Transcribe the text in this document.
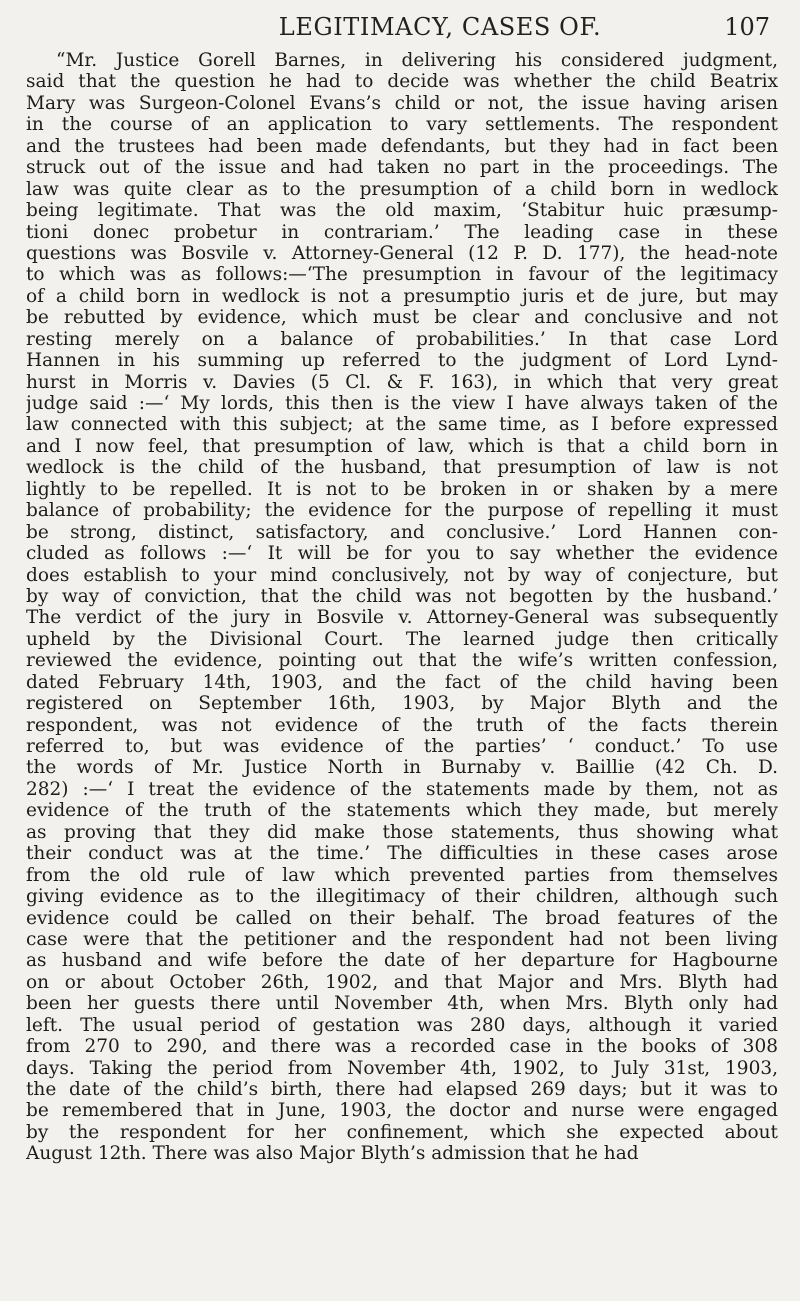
LEGITIMACY, CASES OF.	107
“Mr. Justice Gorell Barnes, in delivering his considered judgment,
said that the question he had to decide was whether the child Beatrix
Mary was Surgeon-Colonel Evans’s child or not, the issue having arisen
in the course of an application to vary settlements. The respondent
and the trustees had been made defendants, but they had in fact been
struck out of the issue and had taken no part in the proceedings. The
law was quite clear as to the presumption of a child born in wedlock
being legitimate. That was the old maxim, ‘Stabitur huic præsump-
tioni donec probetur in contrariam.’ The leading case in these
questions was Bosvile v. Attorney-General (12 P. D. 177), the head-note
to which was as follows:—‘The presumption in favour of the legitimacy
of a child born in wedlock is not a presumptio juris et de jure, but may
be rebutted by evidence, which must be clear and conclusive and not
resting merely on a balance of probabilities.’ In that case Lord
Hannen in his summing up referred to the judgment of Lord Lynd-
hurst in Morris v. Davies (5 Cl. & F. 163), in which that very great
judge said :—‘ My lords, this then is the view I have always taken of the
law connected with this subject; at the same time, as I before expressed
and I now feel, that presumption of law, which is that a child born in
wedlock is the child of the husband, that presumption of law is not
lightly to be repelled. It is not to be broken in or shaken by a mere
balance of probability; the evidence for the purpose of repelling it must
be strong, distinct, satisfactory, and conclusive.’ Lord Hannen con-
cluded as follows :—‘ It will be for you to say whether the evidence
does establish to your mind conclusively, not by way of conjecture, but
by way of conviction, that the child was not begotten by the husband.’
The verdict of the jury in Bosvile v. Attorney-General was subsequently
upheld by the Divisional Court. The learned judge then critically
reviewed the evidence, pointing out that the wife’s written confession,
dated February 14th, 1903, and the fact of the child having been
registered on September 16th, 1903, by Major Blyth and the
respondent, was not evidence of the truth of the facts therein
referred to, but was evidence of the parties’ ‘ conduct.’ To use
the words of Mr. Justice North in Burnaby v. Baillie (42 Ch. D.
282) :—‘ I treat the evidence of the statements made by them, not as
evidence of the truth of the statements which they made, but merely
as proving that they did make those statements, thus showing what
their conduct was at the time.’ The difficulties in these cases arose
from the old rule of law which prevented parties from themselves
giving evidence as to the illegitimacy of their children, although such
evidence could be called on their behalf. The broad features of the
case were that the petitioner and the respondent had not been living
as husband and wife before the date of her departure for Hagbourne
on or about October 26th, 1902, and that Major and Mrs. Blyth had
been her guests there until November 4th, when Mrs. Blyth only had
left. The usual period of gestation was 280 days, although it varied
from 270 to 290, and there was a recorded case in the books of 308
days. Taking the period from November 4th, 1902, to July 31st, 1903,
the date of the child’s birth, there had elapsed 269 days; but it was to
be remembered that in June, 1903, the doctor and nurse were engaged
by the respondent for her confinement, which she expected about
August 12th. There was also Major Blyth’s admission that he had
